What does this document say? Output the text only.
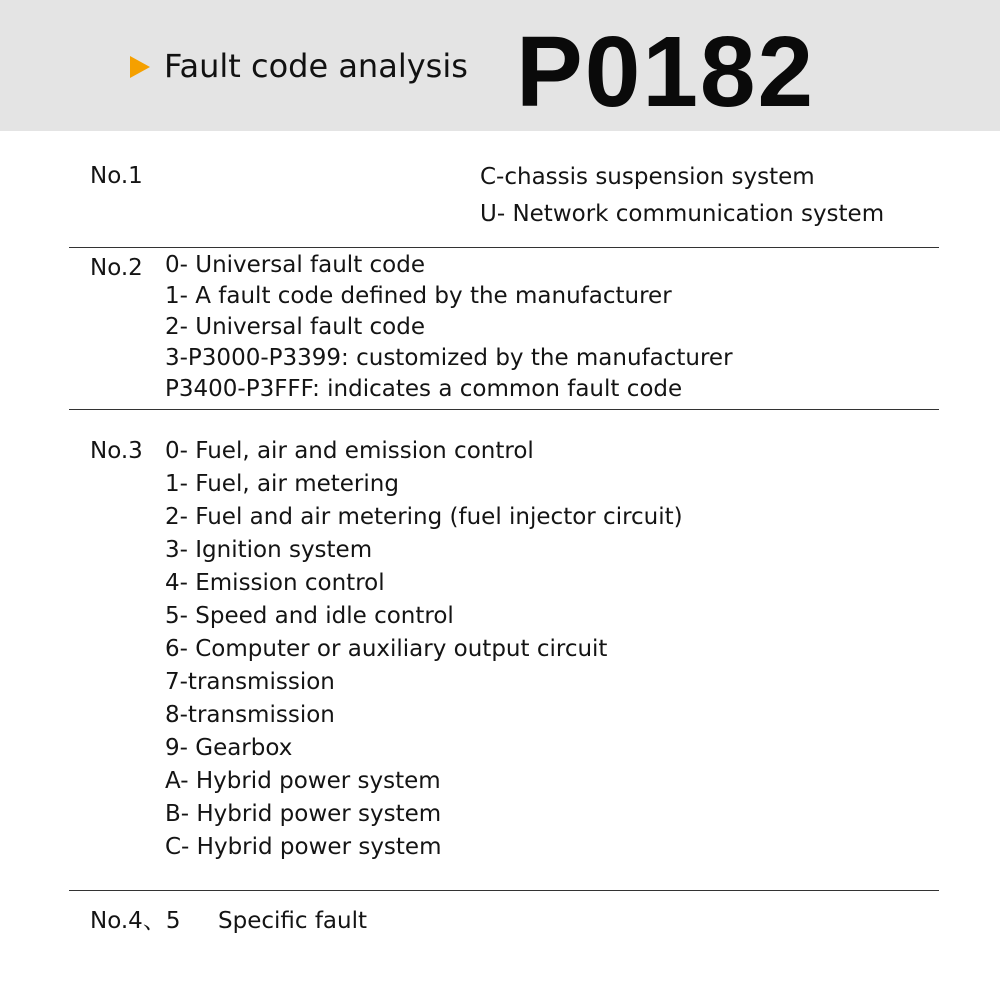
Fault code analysis P0182
No.1	C-chassis suspension system
U- Network communication system
No.2 0- Universal fault code
1- A fault code defined by the manufacturer
2- Universal fault code
3-P3000-P3399: customized by the manufacturer
P3400-P3FFF: indicates a common fault code
No.3 0- Fuel, air and emission control
1- Fuel, air metering
2- Fuel and air metering (fuel injector circuit)
3- Ignition system
4- Emission control
5- Speed and idle control
6- Computer or auxiliary output circuit
7-transmission
8-transmission
9- Gearbox
A- Hybrid power system
B- Hybrid power system
C- Hybrid power system
No.4、5 Specific fault
